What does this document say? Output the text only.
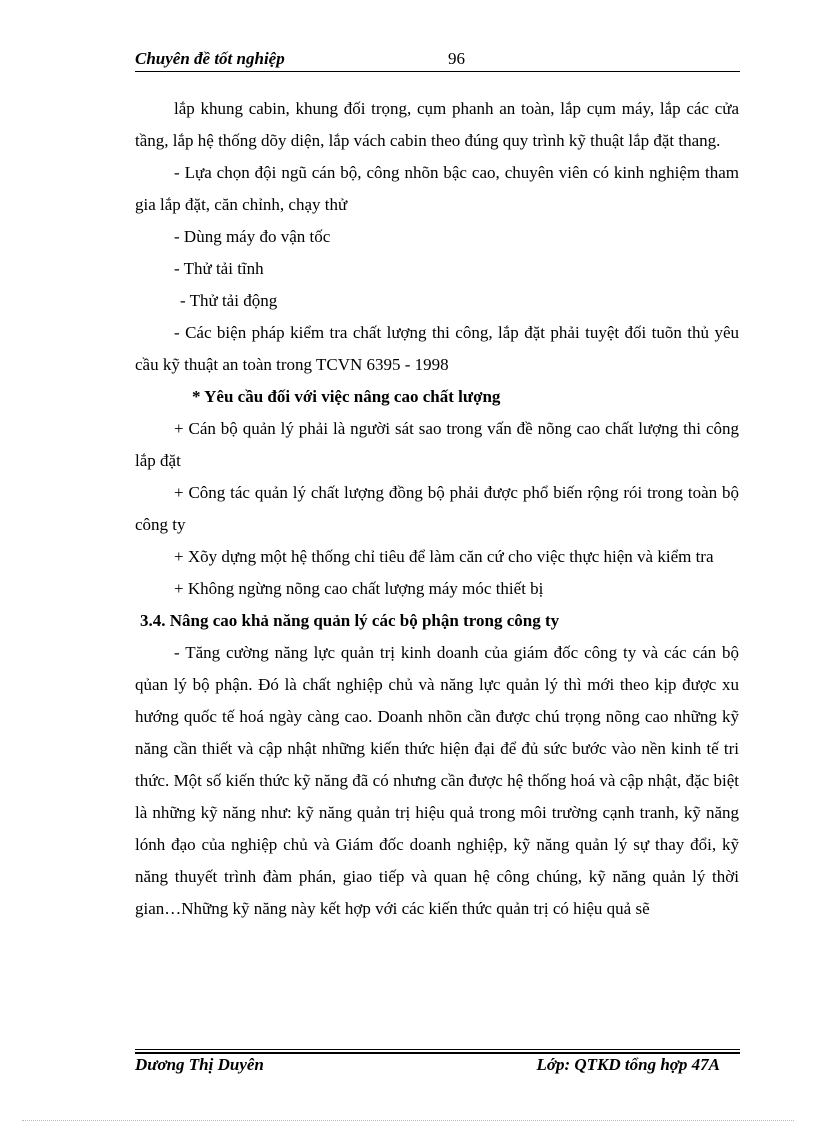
Chuyên đề tốt nghiệp	96

lắp khung cabin, khung đối trọng, cụm phanh an toàn, lắp cụm máy, lắp các cửa tầng, lắp hệ thống dõy diện, lắp vách cabin theo đúng quy trình kỹ thuật lắp đặt thang.

- Lựa chọn đội ngũ cán bộ, công nhõn bậc cao, chuyên viên có kinh nghiệm tham gia lắp đặt, căn chỉnh, chạy thử

- Dùng máy đo vận tốc

- Thử tải tĩnh

- Thử tải động

- Các biện pháp kiểm tra chất lượng thi công, lắp đặt phải tuyệt đối tuõn thủ yêu cầu kỹ thuật an toàn trong TCVN 6395 - 1998

* Yêu cầu đối với việc nâng cao chất lượng

+ Cán bộ quản lý phải là người sát sao trong vấn đề nõng cao chất lượng thi công lắp đặt

+ Công tác quản lý chất lượng đồng bộ phải được phổ biến rộng rói trong toàn bộ công ty

+ Xõy dựng một hệ thống chỉ tiêu để làm căn cứ cho việc thực hiện và kiểm tra

+ Không ngừng nõng cao chất lượng máy móc thiết bị

3.4. Nâng cao khả năng quản lý các bộ phận trong công ty

- Tăng cường năng lực quản trị kinh doanh của giám đốc công ty và các cán bộ qủan lý bộ phận. Đó là chất nghiệp chủ và năng lực quản lý thì mới theo kịp được xu hướng quốc tế hoá ngày càng cao. Doanh nhõn cần được chú trọng nõng cao những kỹ năng cần thiết và cập nhật những kiến thức hiện đại để đủ sức bước vào nền kinh tế tri thức. Một số kiến thức kỹ năng đã có nhưng cần được hệ thống hoá và cập nhật, đặc biệt là những kỹ năng như: kỹ năng quản trị hiệu quả trong môi trường cạnh tranh, kỹ năng lónh đạo của nghiệp chủ và Giám đốc doanh nghiệp, kỹ năng quản lý sự thay đổi, kỹ năng thuyết trình đàm phán, giao tiếp và quan hệ công chúng, kỹ năng quản lý thời gian…Những kỹ năng này kết hợp với các kiến thức quản trị có hiệu quả sẽ

Dương Thị Duyên	Lớp: QTKD tổng hợp 47A
